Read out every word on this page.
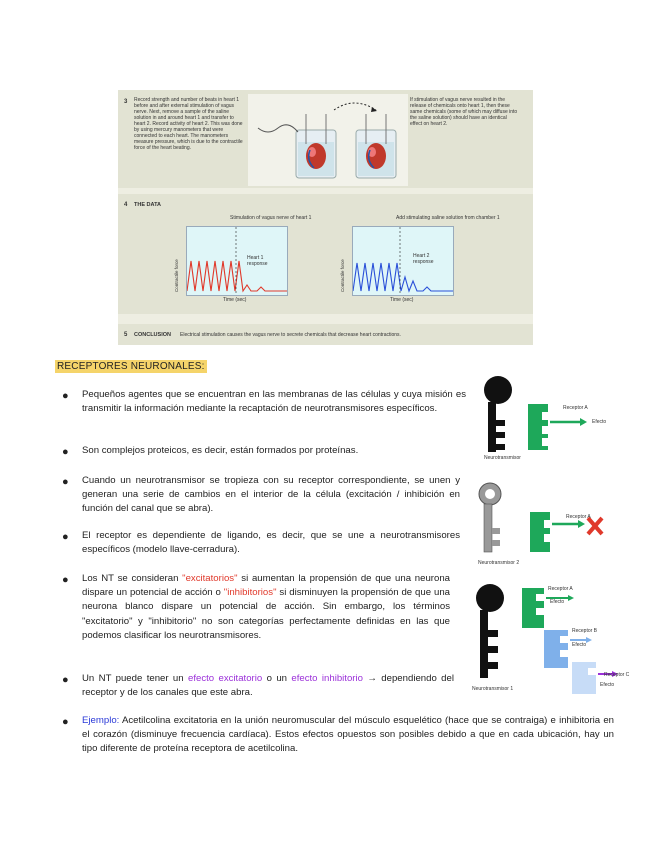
3 Record strength and number of beats in heart 1 before and after external stimulation of vagus nerve. Next, remove a sample of the saline solution in and around heart 1 and transfer to heart 2. Record activity of heart 2. This was done by using mercury manometers that were connected to each heart. The manometers measure pressure, which is due to the contractile force of the heart beating.
If stimulation of vagus nerve resulted in the release of chemicals onto heart 1, then these same chemicals (some of which may diffuse into the saline solution) should have an identical effect on heart 2.
4 THE DATA
Stimulation of vagus nerve of heart 1	Add stimulating saline solution from chamber 1
Contractile force
Heart 1 response
Time (sec)
Contractile force
Heart 2 response
Time (sec)
5 CONCLUSION Electrical stimulation causes the vagus nerve to secrete chemicals that decrease heart contractions.
RECEPTORES NEURONALES:
● Pequeños agentes que se encuentran en las membranas de las células y cuya misión es transmitir la información mediante la recaptación de neurotransmisores específicos.
● Son complejos proteicos, es decir, están formados por proteínas.
● Cuando un neurotransmisor se tropieza con su receptor correspondiente, se unen y generan una serie de cambios en el interior de la célula (excitación / inhibición en función del canal que se abra).
● El receptor es dependiente de ligando, es decir, que se une a neurotransmisores específicos (modelo llave-cerradura).
● Los NT se consideran "excitatorios" si aumentan la propensión de que una neurona dispare un potencial de acción o "inhibitorios" si disminuyen la propensión de que una neurona blanco dispare un potencial de acción. Sin embargo, los términos "excitatorio" y "inhibitorio" no son categorías perfectamente definidas en las que podemos clasificar los neurotransmisores.
● Un NT puede tener un efecto excitatorio o un efecto inhibitorio → dependiendo del receptor y de los canales que este abra.
● Ejemplo: Acetilcolina excitatoria en la unión neuromuscular del músculo esquelético (hace que se contraiga) e inhibitoria en el corazón (disminuye frecuencia cardíaca). Estos efectos opuestos son posibles debido a que en cada ubicación, hay un tipo diferente de proteína receptora de acetilcolina.
Receptor A
Efecto
Neurotransmisor
Receptor A
Neurotransmisor 2
Receptor A
Efecto
Receptor B
Efecto
Receptor C
Efecto
Neurotransmisor 1
